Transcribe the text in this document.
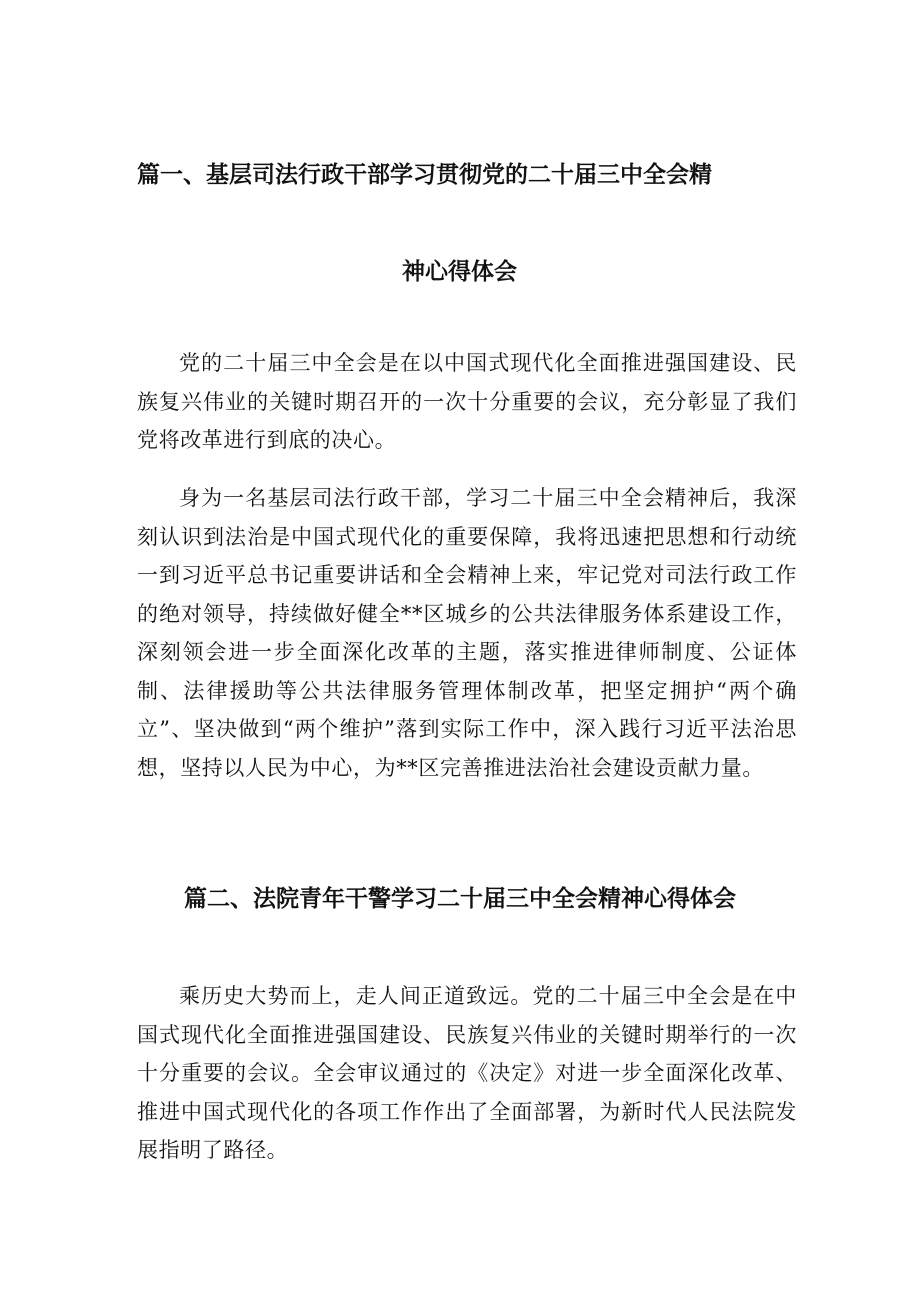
篇一、基层司法行政干部学习贯彻党的二十届三中全会精
神心得体会

党的二十届三中全会是在以中国式现代化全面推进强国建设、民族复兴伟业的关键时期召开的一次十分重要的会议，充分彰显了我们党将改革进行到底的决心。

身为一名基层司法行政干部，学习二十届三中全会精神后，我深刻认识到法治是中国式现代化的重要保障，我将迅速把思想和行动统一到习近平总书记重要讲话和全会精神上来，牢记党对司法行政工作的绝对领导，持续做好健全**区城乡的公共法律服务体系建设工作，深刻领会进一步全面深化改革的主题，落实推进律师制度、公证体制、法律援助等公共法律服务管理体制改革，把坚定拥护“两个确立”、坚决做到“两个维护”落到实际工作中，深入践行习近平法治思想，坚持以人民为中心，为**区完善推进法治社会建设贡献力量。

篇二、法院青年干警学习二十届三中全会精神心得体会

乘历史大势而上，走人间正道致远。党的二十届三中全会是在中国式现代化全面推进强国建设、民族复兴伟业的关键时期举行的一次十分重要的会议。全会审议通过的《决定》对进一步全面深化改革、推进中国式现代化的各项工作作出了全面部署，为新时代人民法院发展指明了路径。
